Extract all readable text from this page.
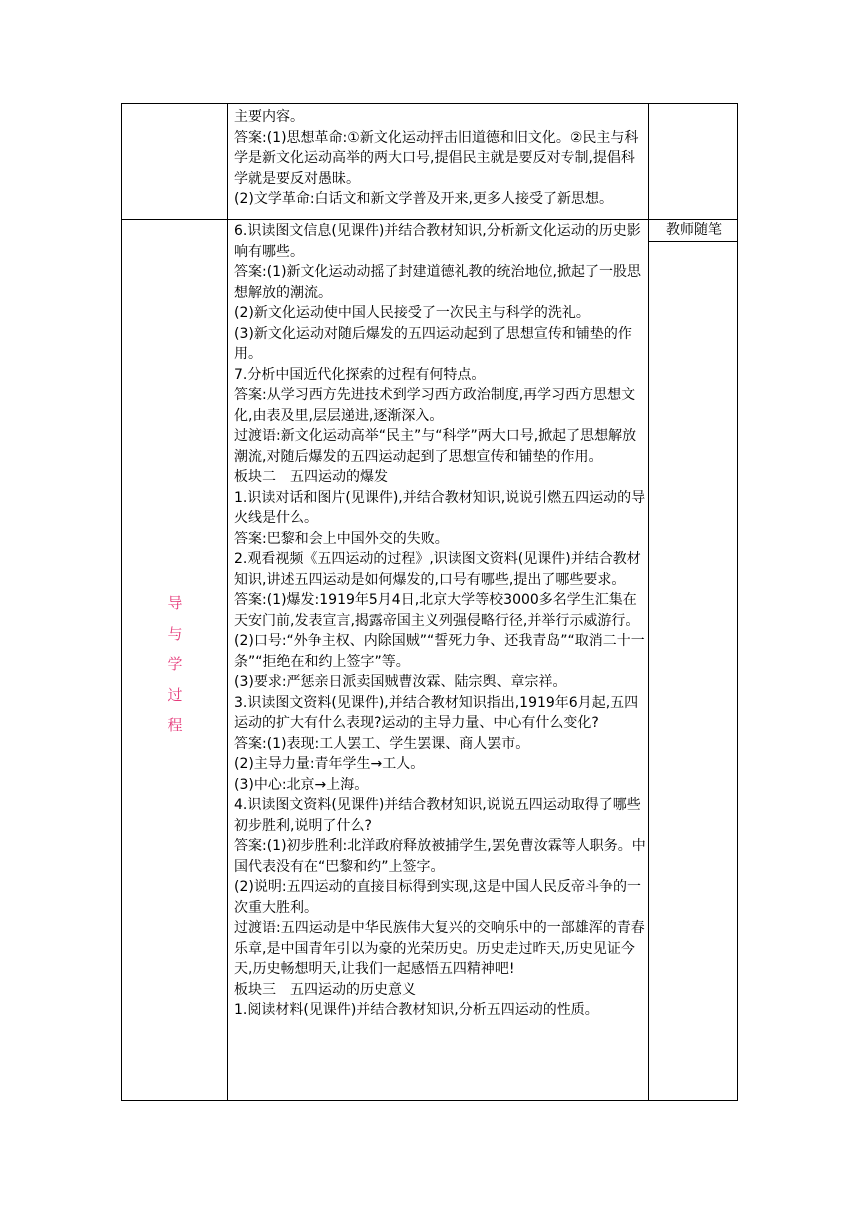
主要内容。

答案:(1)思想革命:①新文化运动抨击旧道德和旧文化。②民主与科学是新文化运动高举的两大口号,提倡民主就是要反对专制,提倡科学就是要反对愚昧。

(2)文学革命:白话文和新文学普及开来,更多人接受了新思想。

教师随笔
导
与
学
过
程

6.识读图文信息(见课件)并结合教材知识,分析新文化运动的历史影响有哪些。

答案:(1)新文化运动动摇了封建道德礼教的统治地位,掀起了一股思想解放的潮流。

(2)新文化运动使中国人民接受了一次民主与科学的洗礼。

(3)新文化运动对随后爆发的五四运动起到了思想宣传和铺垫的作用。

7.分析中国近代化探索的过程有何特点。

答案:从学习西方先进技术到学习西方政治制度,再学习西方思想文化,由表及里,层层递进,逐渐深入。

过渡语:新文化运动高举“民主”与“科学”两大口号,掀起了思想解放潮流,对随后爆发的五四运动起到了思想宣传和铺垫的作用。

板块二　五四运动的爆发

1.识读对话和图片(见课件),并结合教材知识,说说引燃五四运动的导火线是什么。

答案:巴黎和会上中国外交的失败。

2.观看视频《五四运动的过程》,识读图文资料(见课件)并结合教材知识,讲述五四运动是如何爆发的,口号有哪些,提出了哪些要求。

答案:(1)爆发:1919年5月4日,北京大学等校3000多名学生汇集在天安门前,发表宣言,揭露帝国主义列强侵略行径,并举行示威游行。

(2)口号:“外争主权、内除国贼”“誓死力争、还我青岛”“取消二十一条”“拒绝在和约上签字”等。

(3)要求:严惩亲日派卖国贼曹汝霖、陆宗舆、章宗祥。

3.识读图文资料(见课件),并结合教材知识指出,1919年6月起,五四运动的扩大有什么表现?运动的主导力量、中心有什么变化?

答案:(1)表现:工人罢工、学生罢课、商人罢市。

(2)主导力量:青年学生→工人。

(3)中心:北京→上海。

4.识读图文资料(见课件)并结合教材知识,说说五四运动取得了哪些初步胜利,说明了什么?

答案:(1)初步胜利:北洋政府释放被捕学生,罢免曹汝霖等人职务。中国代表没有在“巴黎和约”上签字。

(2)说明:五四运动的直接目标得到实现,这是中国人民反帝斗争的一次重大胜利。

过渡语:五四运动是中华民族伟大复兴的交响乐中的一部雄浑的青春乐章,是中国青年引以为豪的光荣历史。历史走过昨天,历史见证今天,历史畅想明天,让我们一起感悟五四精神吧!

板块三　五四运动的历史意义

1.阅读材料(见课件)并结合教材知识,分析五四运动的性质。
